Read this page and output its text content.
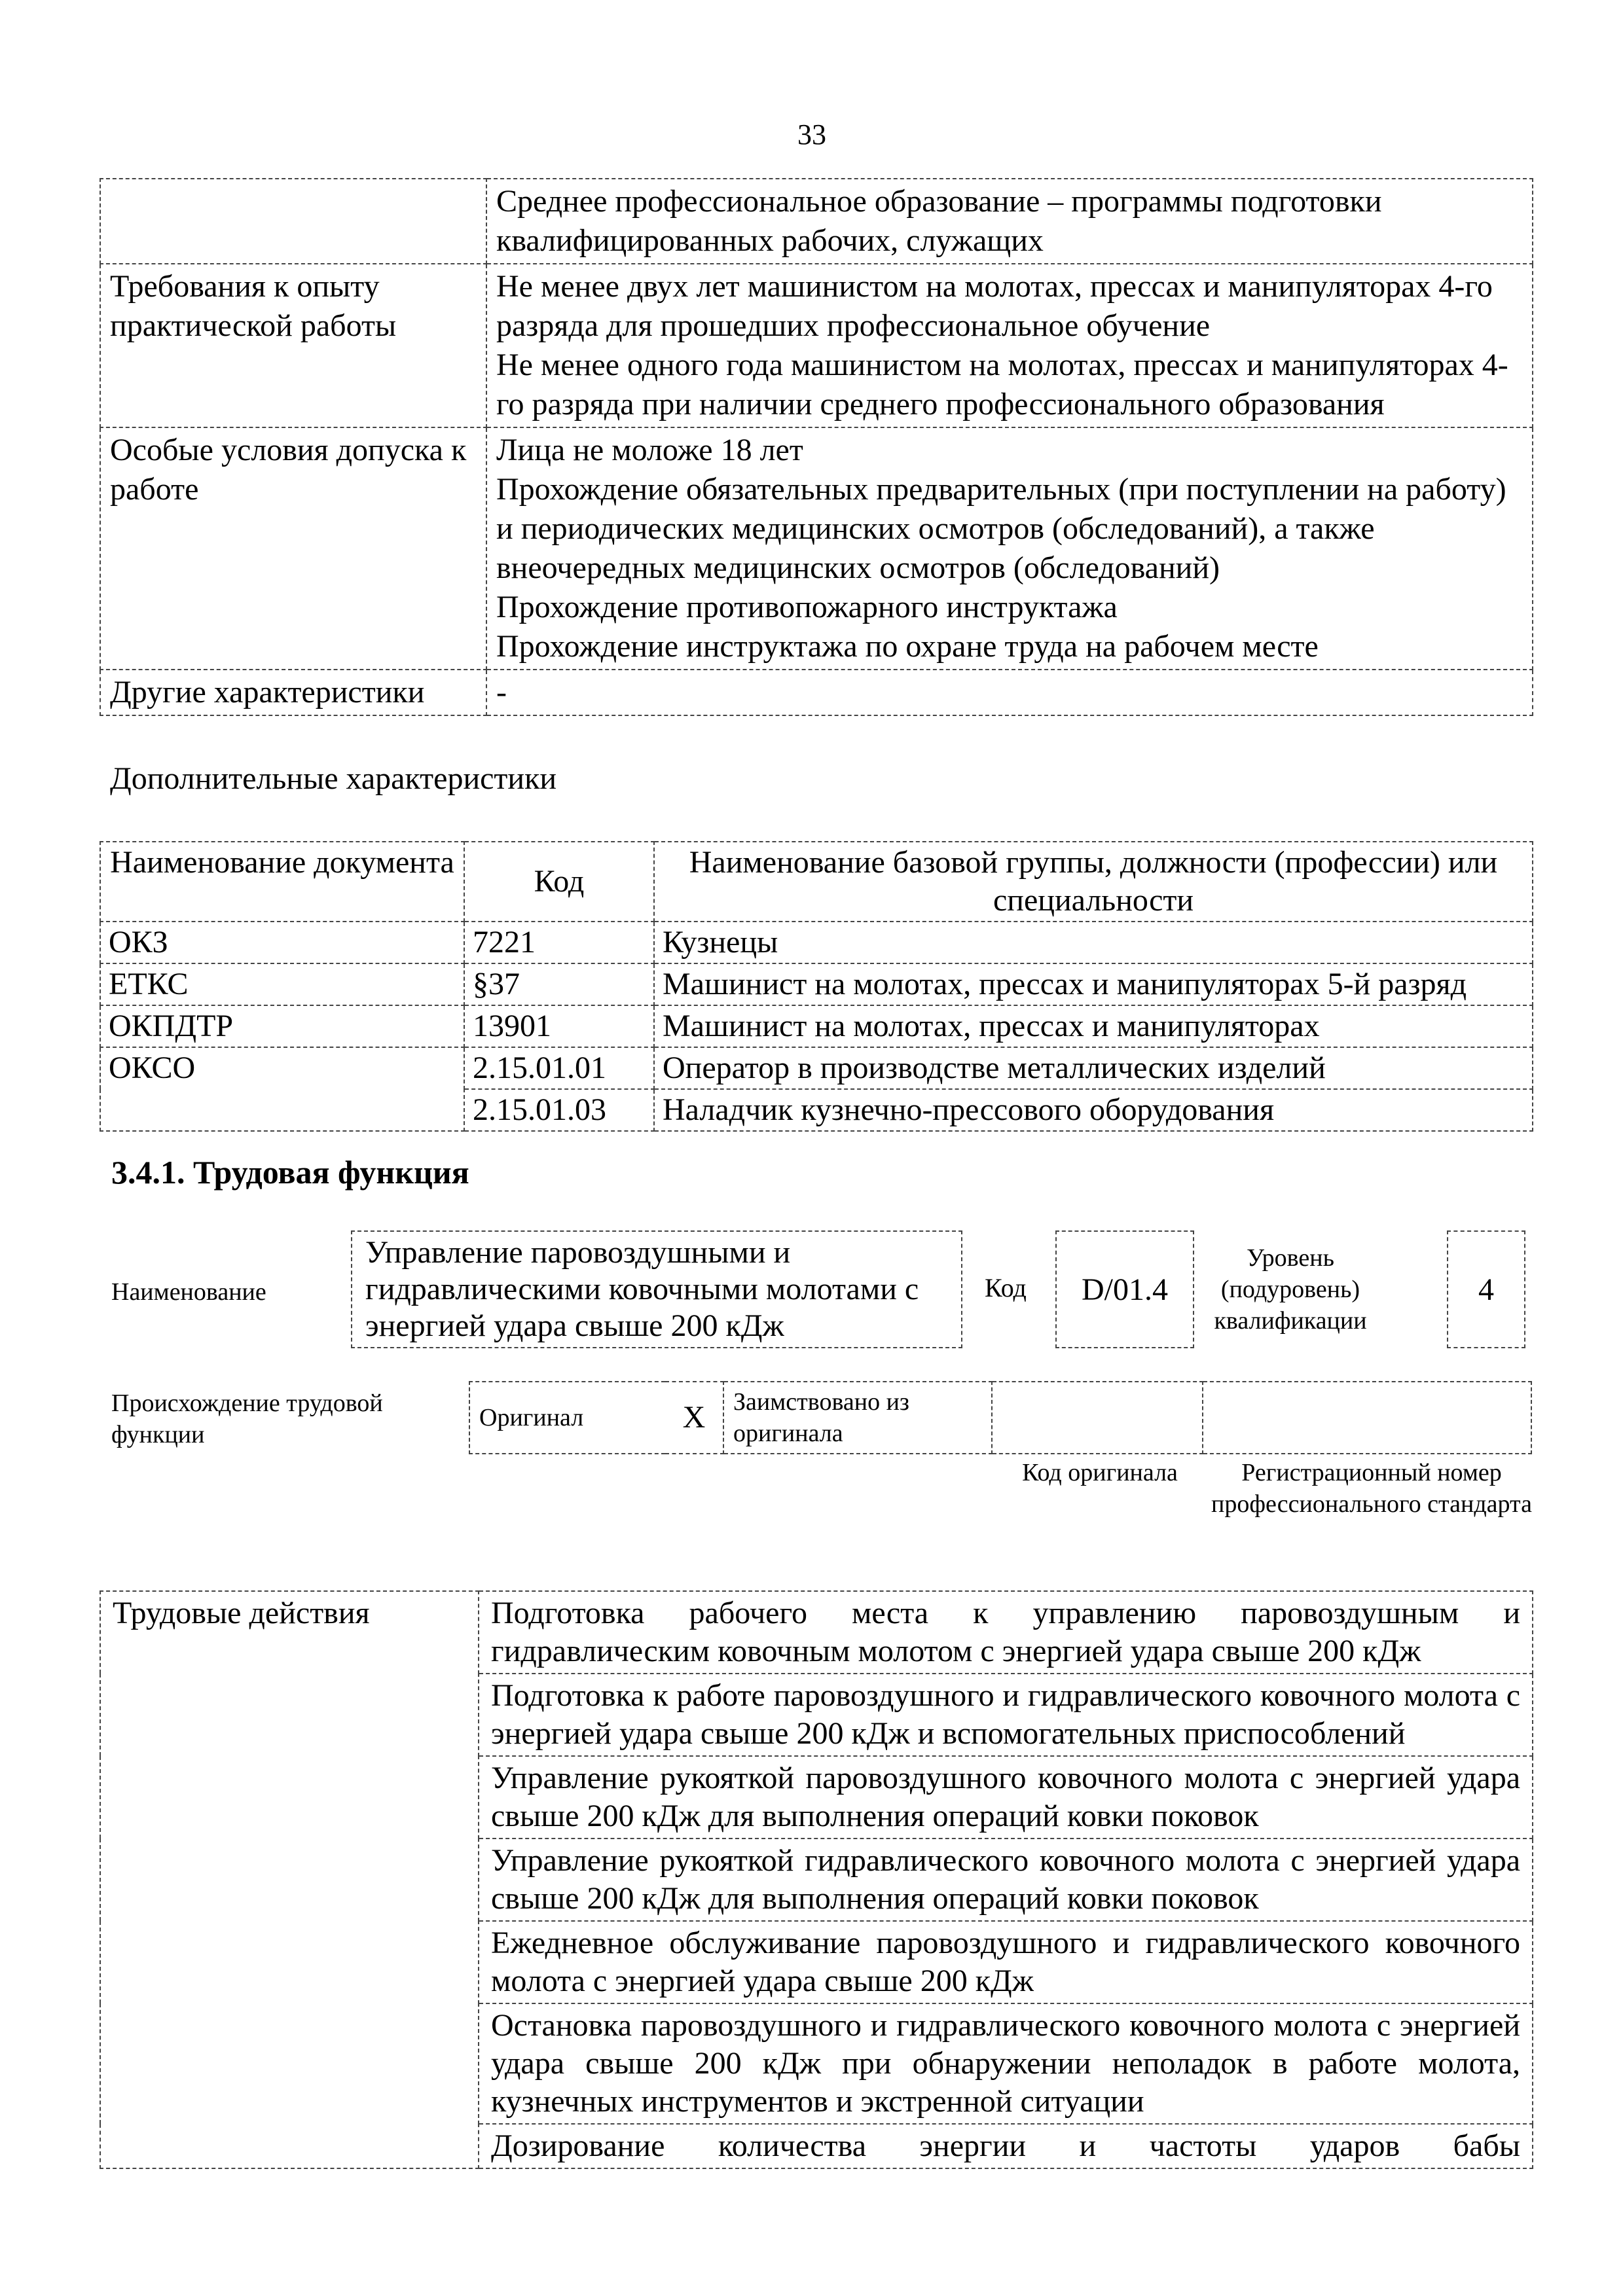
33

	Среднее профессиональное образование – программы подготовки квалифицированных рабочих, служащих

Требования к опыту практической работы	Не менее двух лет машинистом на молотах, прессах и манипуляторах 4-го разряда для прошедших профессиональное обучение
Не менее одного года машинистом на молотах, прессах и манипуляторах 4-го разряда при наличии среднего профессионального образования

Особые условия допуска к работе	Лица не моложе 18 лет
Прохождение обязательных предварительных (при поступлении на работу) и периодических медицинских осмотров (обследований), а также внеочередных медицинских осмотров (обследований)
Прохождение противопожарного инструктажа
Прохождение инструктажа по охране труда на рабочем месте

Другие характеристики	-
Дополнительные характеристики
Наименование документа	Код	Наименование базовой группы, должности (профессии) или специальности
ОКЗ	7221	Кузнецы
ЕТКС	§37	Машинист на молотах, прессах и манипуляторах 5-й разряд
ОКПДТР	13901	Машинист на молотах, прессах и манипуляторах
ОКСО	2.15.01.01	Оператор в производстве металлических изделий
	2.15.01.03	Наладчик кузнечно-прессового оборудования
3.4.1. Трудовая функция
Наименование
Управление паровоздушными и гидравлическими ковочными молотами с энергией удара свыше 200 кДж
Код D/01.4
Уровень (подуровень) квалификации
4
Происхождение трудовой функции
Оригинал	X	Заимствовано из оригинала		
Код оригинала	Регистрационный номер профессионального стандарта
Трудовые действия	Подготовка рабочего места к управлению паровоздушным и гидравлическим ковочным молотом с энергией удара свыше 200 кДж
Подготовка к работе паровоздушного и гидравлического ковочного молота с энергией удара свыше 200 кДж и вспомогательных приспособлений
Управление рукояткой паровоздушного ковочного молота с энергией удара свыше 200 кДж для выполнения операций ковки поковок
Управление рукояткой гидравлического ковочного молота с энергией удара свыше 200 кДж для выполнения операций ковки поковок
Ежедневное обслуживание паровоздушного и гидравлического ковочного молота с энергией удара свыше 200 кДж
Остановка паровоздушного и гидравлического ковочного молота с энергией удара свыше 200 кДж при обнаружении неполадок в работе молота, кузнечных инструментов и экстренной ситуации
Дозирование количества энергии и частоты ударов бабы
